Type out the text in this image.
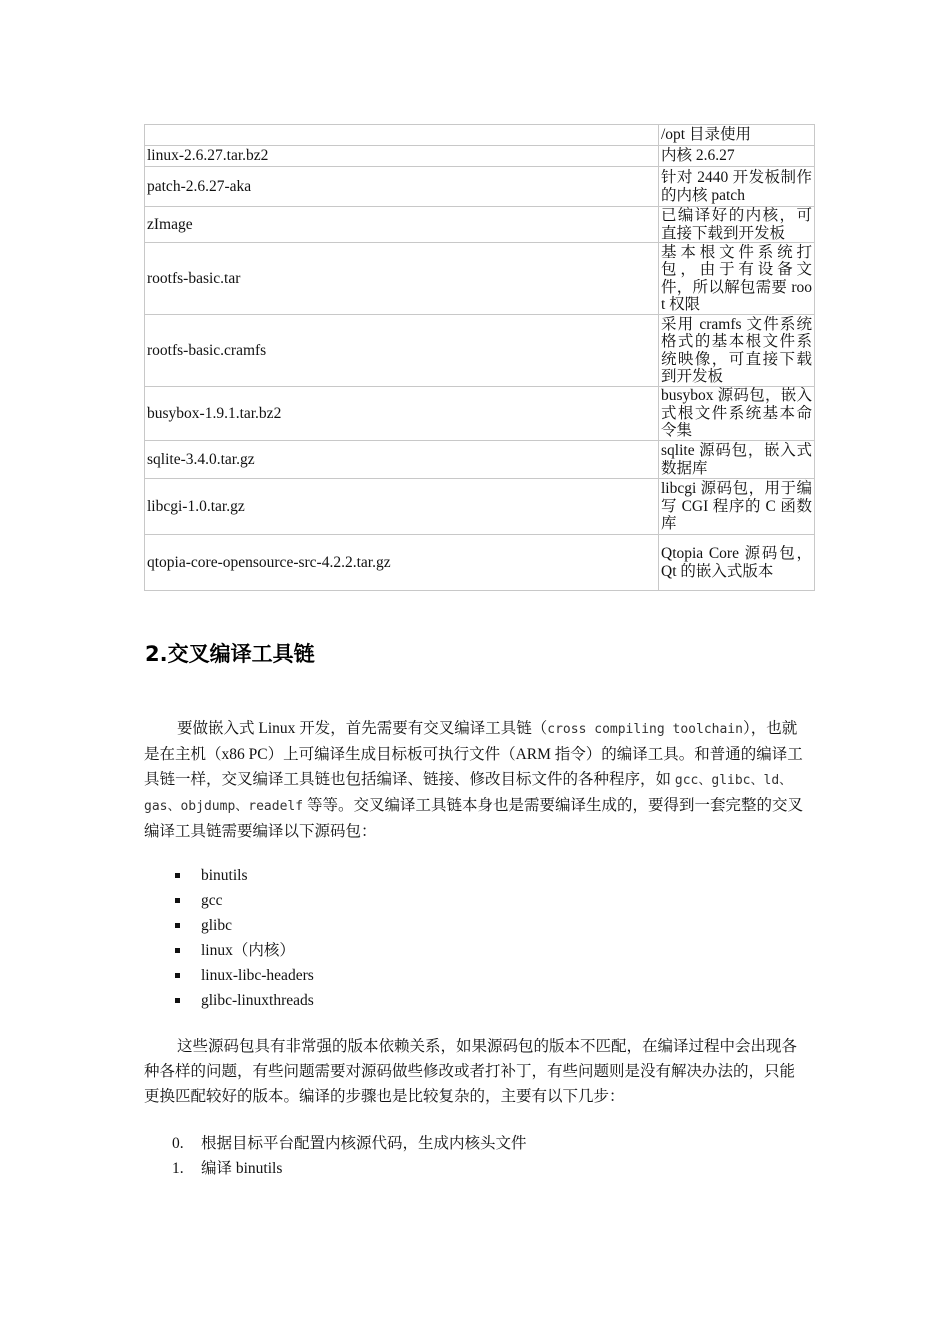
	/opt 目录使用
linux-2.6.27.tar.bz2	内核 2.6.27
patch-2.6.27-aka	针对 2440 开发板制作的内核 patch
zImage	已编译好的内核，可直接下载到开发板
rootfs-basic.tar	基本根文件系统打包，由于有设备文件，所以解包需要 root 权限
rootfs-basic.cramfs	采用 cramfs 文件系统格式的基本根文件系统映像，可直接下载到开发板
busybox-1.9.1.tar.bz2	busybox 源码包，嵌入式根文件系统基本命令集
sqlite-3.4.0.tar.gz	sqlite 源码包，嵌入式数据库
libcgi-1.0.tar.gz	libcgi 源码包，用于编写 CGI 程序的 C 函数库
qtopia-core-opensource-src-4.2.2.tar.gz	Qtopia Core 源码包，Qt 的嵌入式版本
2.交叉编译工具链

要做嵌入式 Linux 开发，首先需要有交叉编译工具链（cross compiling toolchain），也就是在主机（x86 PC）上可编译生成目标板可执行文件（ARM 指令）的编译工具。和普通的编译工具链一样，交叉编译工具链也包括编译、链接、修改目标文件的各种程序，如 gcc、glibc、ld、gas、objdump、readelf 等等。交叉编译工具链本身也是需要编译生成的，要得到一套完整的交叉编译工具链需要编译以下源码包：

binutils
gcc
glibc
linux（内核）
linux-libc-headers
glibc-linuxthreads

这些源码包具有非常强的版本依赖关系，如果源码包的版本不匹配，在编译过程中会出现各种各样的问题，有些问题需要对源码做些修改或者打补丁，有些问题则是没有解决办法的，只能更换匹配较好的版本。编译的步骤也是比较复杂的，主要有以下几步：

0. 根据目标平台配置内核源代码，生成内核头文件
1. 编译 binutils
